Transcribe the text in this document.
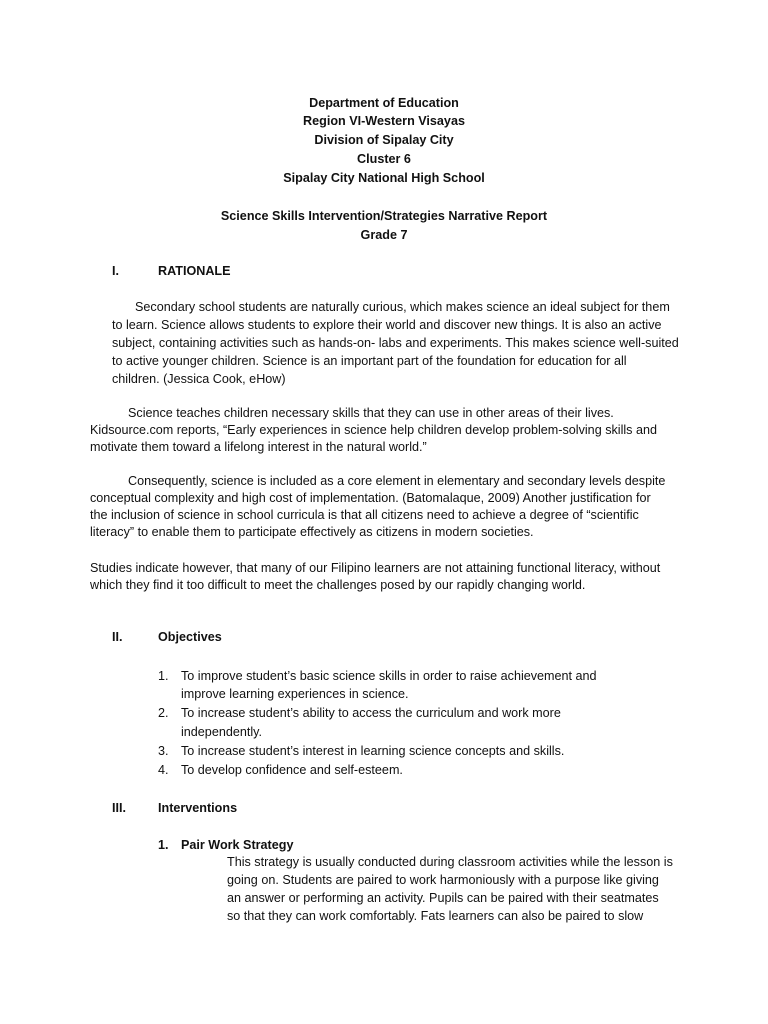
Department of Education
Region VI-Western Visayas
Division of Sipalay City
Cluster 6
Sipalay City National High School
Science Skills Intervention/Strategies Narrative Report
Grade 7
I.	RATIONALE
Secondary school students are naturally curious, which makes science an ideal subject for them
to learn. Science allows students to explore their world and discover new things. It is also an active
subject, containing activities such as hands-on- labs and experiments. This makes science well-suited
to active younger children. Science is an important part of the foundation for education for all
children. (Jessica Cook, eHow)
Science teaches children necessary skills that they can use in other areas of their lives.
Kidsource.com reports, “Early experiences in science help children develop problem-solving skills and
motivate them toward a lifelong interest in the natural world.”
Consequently, science is included as a core element in elementary and secondary levels despite
conceptual complexity and high cost of implementation. (Batomalaque, 2009) Another justification for
the inclusion of science in school curricula is that all citizens need to achieve a degree of “scientific
literacy” to enable them to participate effectively as citizens in modern societies.
Studies indicate however, that many of our Filipino learners are not attaining functional literacy, without
which they find it too difficult to meet the challenges posed by our rapidly changing world.
II.	Objectives
1. To improve student’s basic science skills in order to raise achievement and
improve learning experiences in science.
2. To increase student’s ability to access the curriculum and work more
independently.
3. To increase student’s interest in learning science concepts and skills.
4. To develop confidence and self-esteem.
III.	Interventions
1. Pair Work Strategy
This strategy is usually conducted during classroom activities while the lesson is
going on. Students are paired to work harmoniously with a purpose like giving
an answer or performing an activity. Pupils can be paired with their seatmates
so that they can work comfortably. Fats learners can also be paired to slow
